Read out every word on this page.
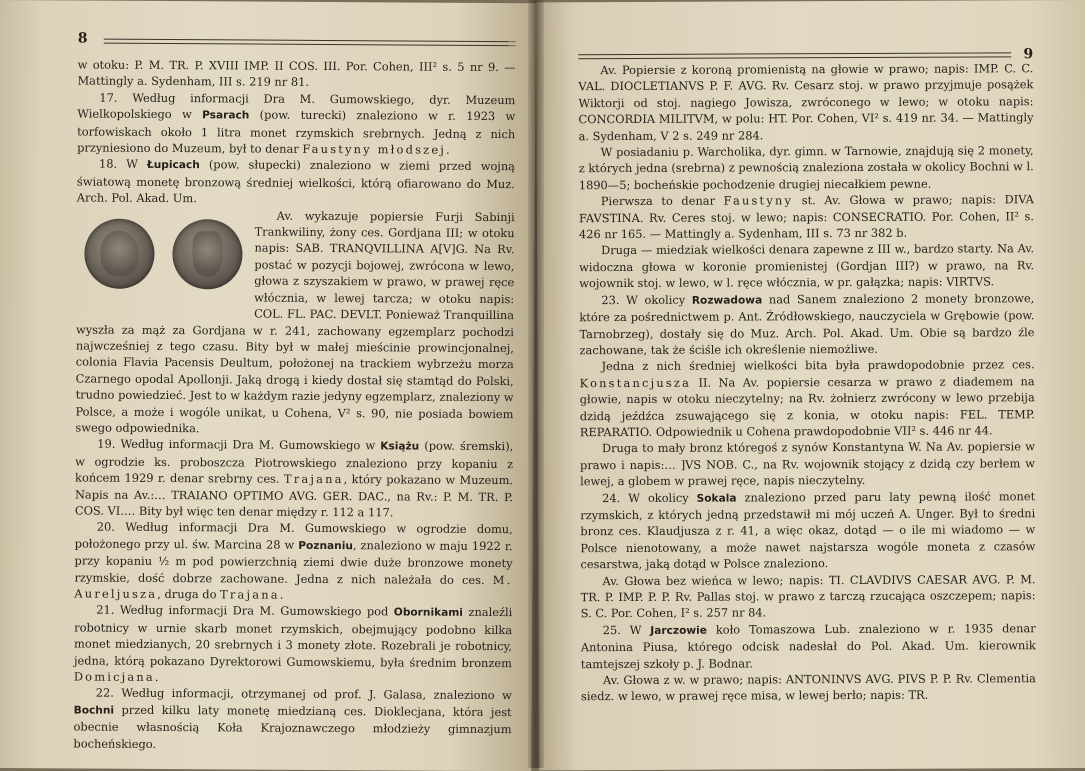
8

w otoku: P. M. TR. P. XVIII IMP. II COS. III. Por. Cohen, III² s. 5 nr 9. — Mattingly a. Sydenham, III s. 219 nr 81.

17. Według informacji Dra M. Gumowskiego, dyr. Muzeum Wielkopolskiego w Psarach (pow. turecki) znaleziono w r. 1923 w torfowiskach około 1 litra monet rzymskich srebrnych. Jedną z nich przyniesiono do Muzeum, był to denar Faustyny młodszej.

18. W Łupicach (pow. słupecki) znaleziono w ziemi przed wojną światową monetę bronzową średniej wielkości, którą ofiarowano do Muz. Arch. Pol. Akad. Um.

Av. wykazuje popiersie Furji Sabinji Trankwiliny, żony ces. Gordjana III; w otoku napis: SAB. TRANQVILLINA A[V]G. Na Rv. postać w pozycji bojowej, zwrócona w lewo, głowa z szyszakiem w prawo, w prawej ręce włócznia, w lewej tarcza; w otoku napis: COL. FL. PAC. DEVLT. Ponieważ Tranquillina wyszła za mąż za Gordjana w r. 241, zachowany egzemplarz pochodzi najwcześniej z tego czasu. Bity był w małej mieścinie prowincjonalnej, colonia Flavia Pacensis Deultum, położonej na trackiem wybrzeżu morza Czarnego opodal Apollonji. Jaką drogą i kiedy dostał się stamtąd do Polski, trudno powiedzieć. Jest to w każdym razie jedyny egzemplarz, znaleziony w Polsce, a może i wogóle unikat, u Cohena, V² s. 90, nie posiada bowiem swego odpowiednika.

19. Według informacji Dra M. Gumowskiego w Książu (pow. śremski), w ogrodzie ks. proboszcza Piotrowskiego znaleziono przy kopaniu z końcem 1929 r. denar srebrny ces. Trajana, który pokazano w Muzeum. Napis na Av.:… TRAIANO OPTIMO AVG. GER. DAC., na Rv.: P. M. TR. P. COS. VI.… Bity był więc ten denar między r. 112 a 117.

20. Według informacji Dra M. Gumowskiego w ogrodzie domu, położonego przy ul. św. Marcina 28 w Poznaniu, znaleziono w maju 1922 r. przy kopaniu ½ m pod powierzchnią ziemi dwie duże bronzowe monety rzymskie, dość dobrze zachowane. Jedna z nich należała do ces. M. Aureljusza, druga do Trajana.

21. Według informacji Dra M. Gumowskiego pod Obornikami znaleźli robotnicy w urnie skarb monet rzymskich, obejmujący podobno kilka monet miedzianych, 20 srebrnych i 3 monety złote. Rozebrali je robotnicy, jedna, którą pokazano Dyrektorowi Gumowskiemu, była średnim bronzem Domicjana.

22. Według informacji, otrzymanej od prof. J. Galasa, znaleziono w Bochni przed kilku laty monetę miedzianą ces. Dioklecjana, która jest obecnie własnością Koła Krajoznawczego młodzieży gimnazjum bocheńskiego.

9

Av. Popiersie z koroną promienistą na głowie w prawo; napis: IMP. C. C. VAL. DIOCLETIANVS P. F. AVG. Rv. Cesarz stoj. w prawo przyjmuje posążek Wiktorji od stoj. nagiego Jowisza, zwróconego w lewo; w otoku napis: CONCORDIA MILITVM, w polu: HT. Por. Cohen, VI² s. 419 nr. 34. — Mattingly a. Sydenham, V 2 s. 249 nr 284.

W posiadaniu p. Warcholika, dyr. gimn. w Tarnowie, znajdują się 2 monety, z których jedna (srebrna) z pewnością znaleziona została w okolicy Bochni w l. 1890—5; bocheńskie pochodzenie drugiej niecałkiem pewne.

Pierwsza to denar Faustyny st. Av. Głowa w prawo; napis: DIVA FAVSTINA. Rv. Ceres stoj. w lewo; napis: CONSECRATIO. Por. Cohen, II² s. 426 nr 165. — Mattingly a. Sydenham, III s. 73 nr 382 b.

Druga — miedziak wielkości denara zapewne z III w., bardzo starty. Na Av. widoczna głowa w koronie promienistej (Gordjan III?) w prawo, na Rv. wojownik stoj. w lewo, w l. ręce włócznia, w pr. gałązka; napis: VIRTVS.

23. W okolicy Rozwadowa nad Sanem znaleziono 2 monety bronzowe, które za pośrednictwem p. Ant. Źródłowskiego, nauczyciela w Grębowie (pow. Tarnobrzeg), dostały się do Muz. Arch. Pol. Akad. Um. Obie są bardzo źle zachowane, tak że ściśle ich określenie niemożliwe.

Jedna z nich średniej wielkości bita była prawdopodobnie przez ces. Konstancjusza II. Na Av. popiersie cesarza w prawo z diademem na głowie, napis w otoku nieczytelny; na Rv. żołnierz zwrócony w lewo przebija dzidą jeźdźca zsuwającego się z konia, w otoku napis: FEL. TEMP. REPARATIO. Odpowiednik u Cohena prawdopodobnie VII² s. 446 nr 44.

Druga to mały bronz któregoś z synów Konstantyna W. Na Av. popiersie w prawo i napis:… ]VS NOB. C., na Rv. wojownik stojący z dzidą czy berłem w lewej, a globem w prawej ręce, napis nieczytelny.

24. W okolicy Sokala znaleziono przed paru laty pewną ilość monet rzymskich, z których jedną przedstawił mi mój uczeń A. Unger. Był to średni bronz ces. Klaudjusza z r. 41, a więc okaz, dotąd — o ile mi wiadomo — w Polsce nienotowany, a może nawet najstarsza wogóle moneta z czasów cesarstwa, jaką dotąd w Polsce znaleziono.

Av. Głowa bez wieńca w lewo; napis: TI. CLAVDIVS CAESAR AVG. P. M. TR. P. IMP. P. P. Rv. Pallas stoj. w prawo z tarczą rzucająca oszczepem; napis: S. C. Por. Cohen, I² s. 257 nr 84.

25. W Jarczowie koło Tomaszowa Lub. znaleziono w r. 1935 denar Antonina Piusa, którego odcisk nadesłał do Pol. Akad. Um. kierownik tamtejszej szkoły p. J. Bodnar.

Av. Głowa z w. w prawo; napis: ANTONINVS AVG. PIVS P. P. Rv. Clementia siedz. w lewo, w prawej ręce misa, w lewej berło; napis: TR.
